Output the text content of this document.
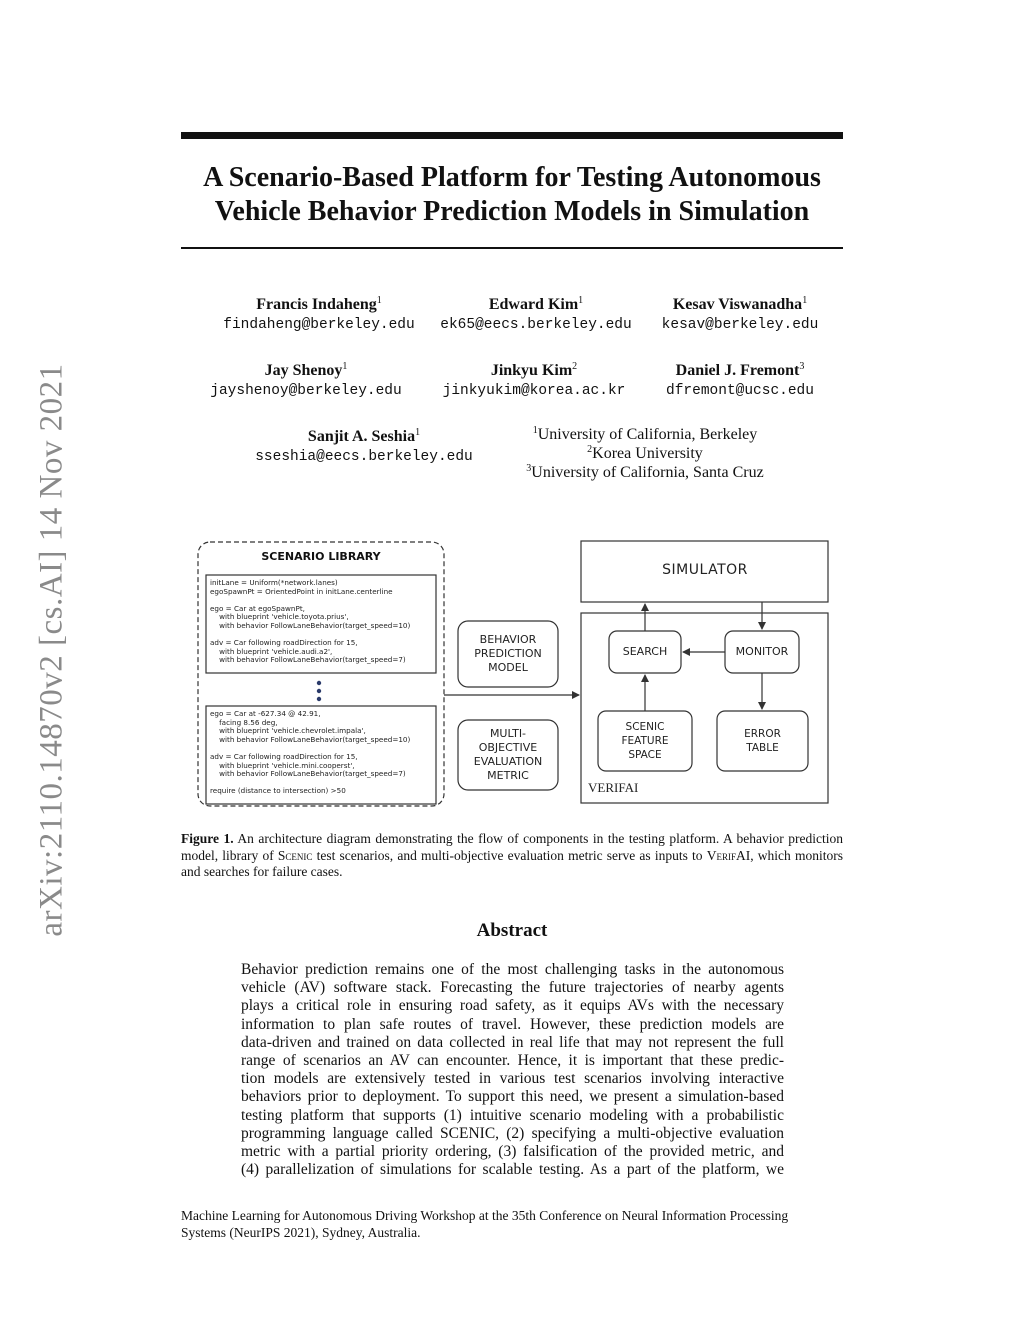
arXiv:2110.14870v2 [cs.AI] 14 Nov 2021
A Scenario-Based Platform for Testing Autonomous
Vehicle Behavior Prediction Models in Simulation
Francis Indaheng$^1$
findaheng@berkeley.edu
Edward Kim$^1$
ek65@eecs.berkeley.edu
Kesav Viswanadha$^1$
kesav@berkeley.edu
Jay Shenoy$^1$
jayshenoy@berkeley.edu
Jinkyu Kim$^2$
jinkyukim@korea.ac.kr
Daniel J. Fremont$^3$
dfremont@ucsc.edu
Sanjit A. Seshia$^1$
sseshia@eecs.berkeley.edu
$^1$University of California, Berkeley
$^2$Korea University
$^3$University of California, Santa Cruz
SCENARIO LIBRARY
initLane = Uniform(*network.lanes)
egoSpawnPt = OrientedPoint in initLane.centerline

ego = Car at egoSpawnPt,
with blueprint 'vehicle.toyota.prius',
with behavior FollowLaneBehavior(target_speed=10)

adv = Car following roadDirection for 15,
with blueprint 'vehicle.audi.a2',
with behavior FollowLaneBehavior(target_speed=7)
ego = Car at -627.34 @ 42.91,
facing 8.56 deg,
with blueprint 'vehicle.chevrolet.impala',
with behavior FollowLaneBehavior(target_speed=10)

adv = Car following roadDirection for 15,
with blueprint 'vehicle.mini.cooperst',
with behavior FollowLaneBehavior(target_speed=7)

require (distance to intersection) >50
BEHAVIOR
PREDICTION
MODEL
MULTI-
OBJECTIVE
EVALUATION
METRIC
SIMULATOR
SEARCH	MONITOR
SCENIC
FEATURE
SPACE
ERROR
TABLE
VERIFAI
Figure 1. An architecture diagram demonstrating the flow of components in the testing platform. A behavior prediction model, library of Scenic test scenarios, and multi-objective evaluation metric serve as inputs to VerifAI, which monitors and searches for failure cases.
Abstract
Behavior prediction remains one of the most challenging tasks in the autonomous
vehicle (AV) software stack. Forecasting the future trajectories of nearby agents
plays a critical role in ensuring road safety, as it equips AVs with the necessary
information to plan safe routes of travel. However, these prediction models are
data-driven and trained on data collected in real life that may not represent the full
range of scenarios an AV can encounter. Hence, it is important that these predic-
tion models are extensively tested in various test scenarios involving interactive
behaviors prior to deployment. To support this need, we present a simulation-based
testing platform that supports (1) intuitive scenario modeling with a probabilistic
programming language called SCENIC, (2) specifying a multi-objective evaluation
metric with a partial priority ordering, (3) falsification of the provided metric, and
(4) parallelization of simulations for scalable testing. As a part of the platform, we
Machine Learning for Autonomous Driving Workshop at the 35th Conference on Neural Information Processing
Systems (NeurIPS 2021), Sydney, Australia.
